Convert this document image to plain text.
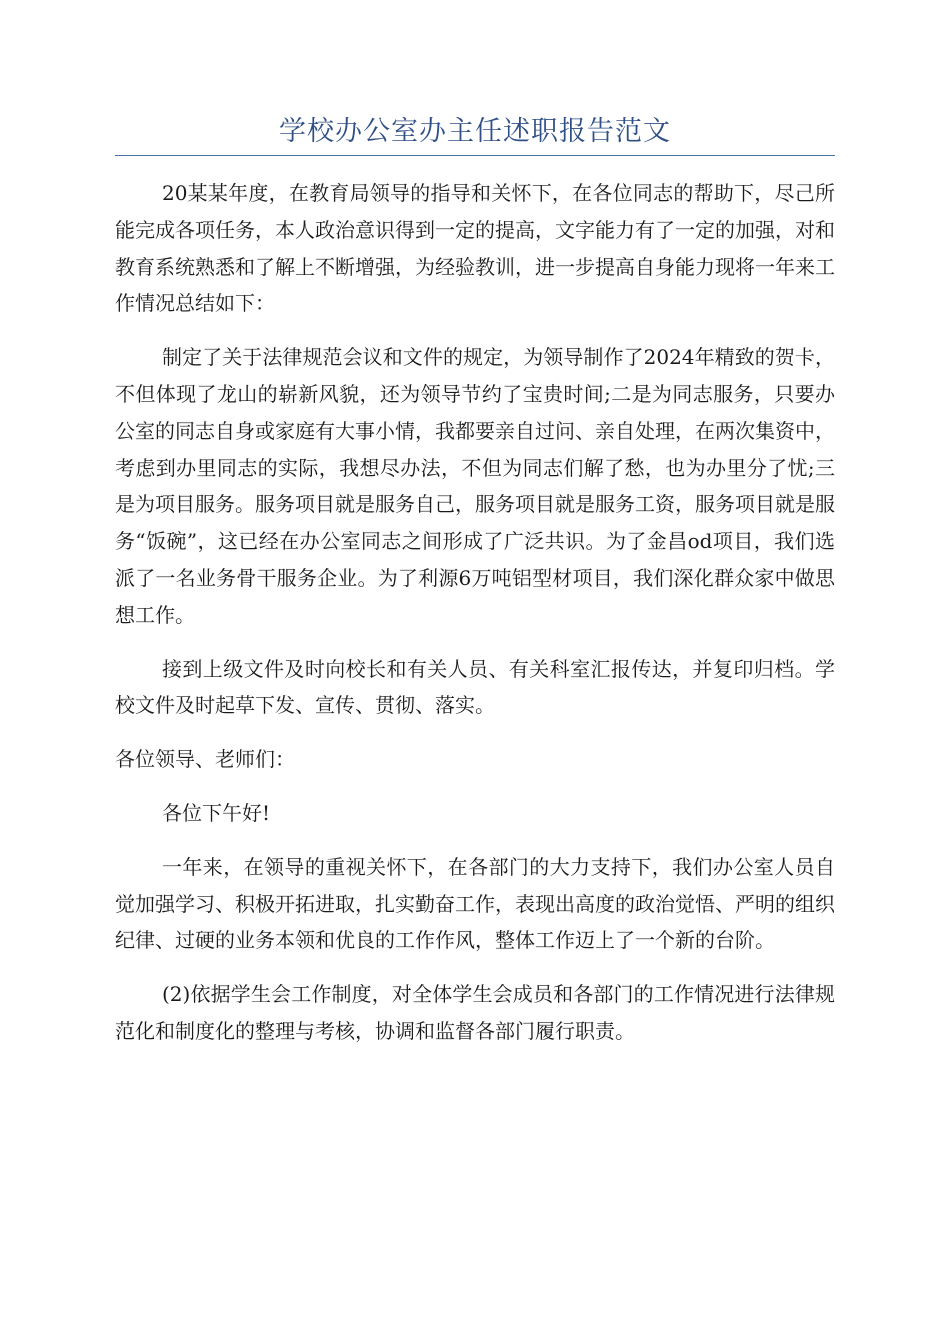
学校办公室办主任述职报告范文

20某某年度，在教育局领导的指导和关怀下，在各位同志的帮助下，尽己所能完成各项任务，本人政治意识得到一定的提高，文字能力有了一定的加强，对和教育系统熟悉和了解上不断增强，为经验教训，进一步提高自身能力现将一年来工作情况总结如下：

制定了关于法律规范会议和文件的规定，为领导制作了2024年精致的贺卡，不但体现了龙山的崭新风貌，还为领导节约了宝贵时间;二是为同志服务，只要办公室的同志自身或家庭有大事小情，我都要亲自过问、亲自处理，在两次集资中，考虑到办里同志的实际，我想尽办法，不但为同志们解了愁，也为办里分了忧;三是为项目服务。服务项目就是服务自己，服务项目就是服务工资，服务项目就是服务“饭碗”，这已经在办公室同志之间形成了广泛共识。为了金昌od项目，我们选派了一名业务骨干服务企业。为了利源6万吨铝型材项目，我们深化群众家中做思想工作。

接到上级文件及时向校长和有关人员、有关科室汇报传达，并复印归档。学校文件及时起草下发、宣传、贯彻、落实。

各位领导、老师们：

各位下午好!

一年来，在领导的重视关怀下，在各部门的大力支持下，我们办公室人员自觉加强学习、积极开拓进取，扎实勤奋工作，表现出高度的政治觉悟、严明的组织纪律、过硬的业务本领和优良的工作作风，整体工作迈上了一个新的台阶。

(2)依据学生会工作制度，对全体学生会成员和各部门的工作情况进行法律规范化和制度化的整理与考核，协调和监督各部门履行职责。
